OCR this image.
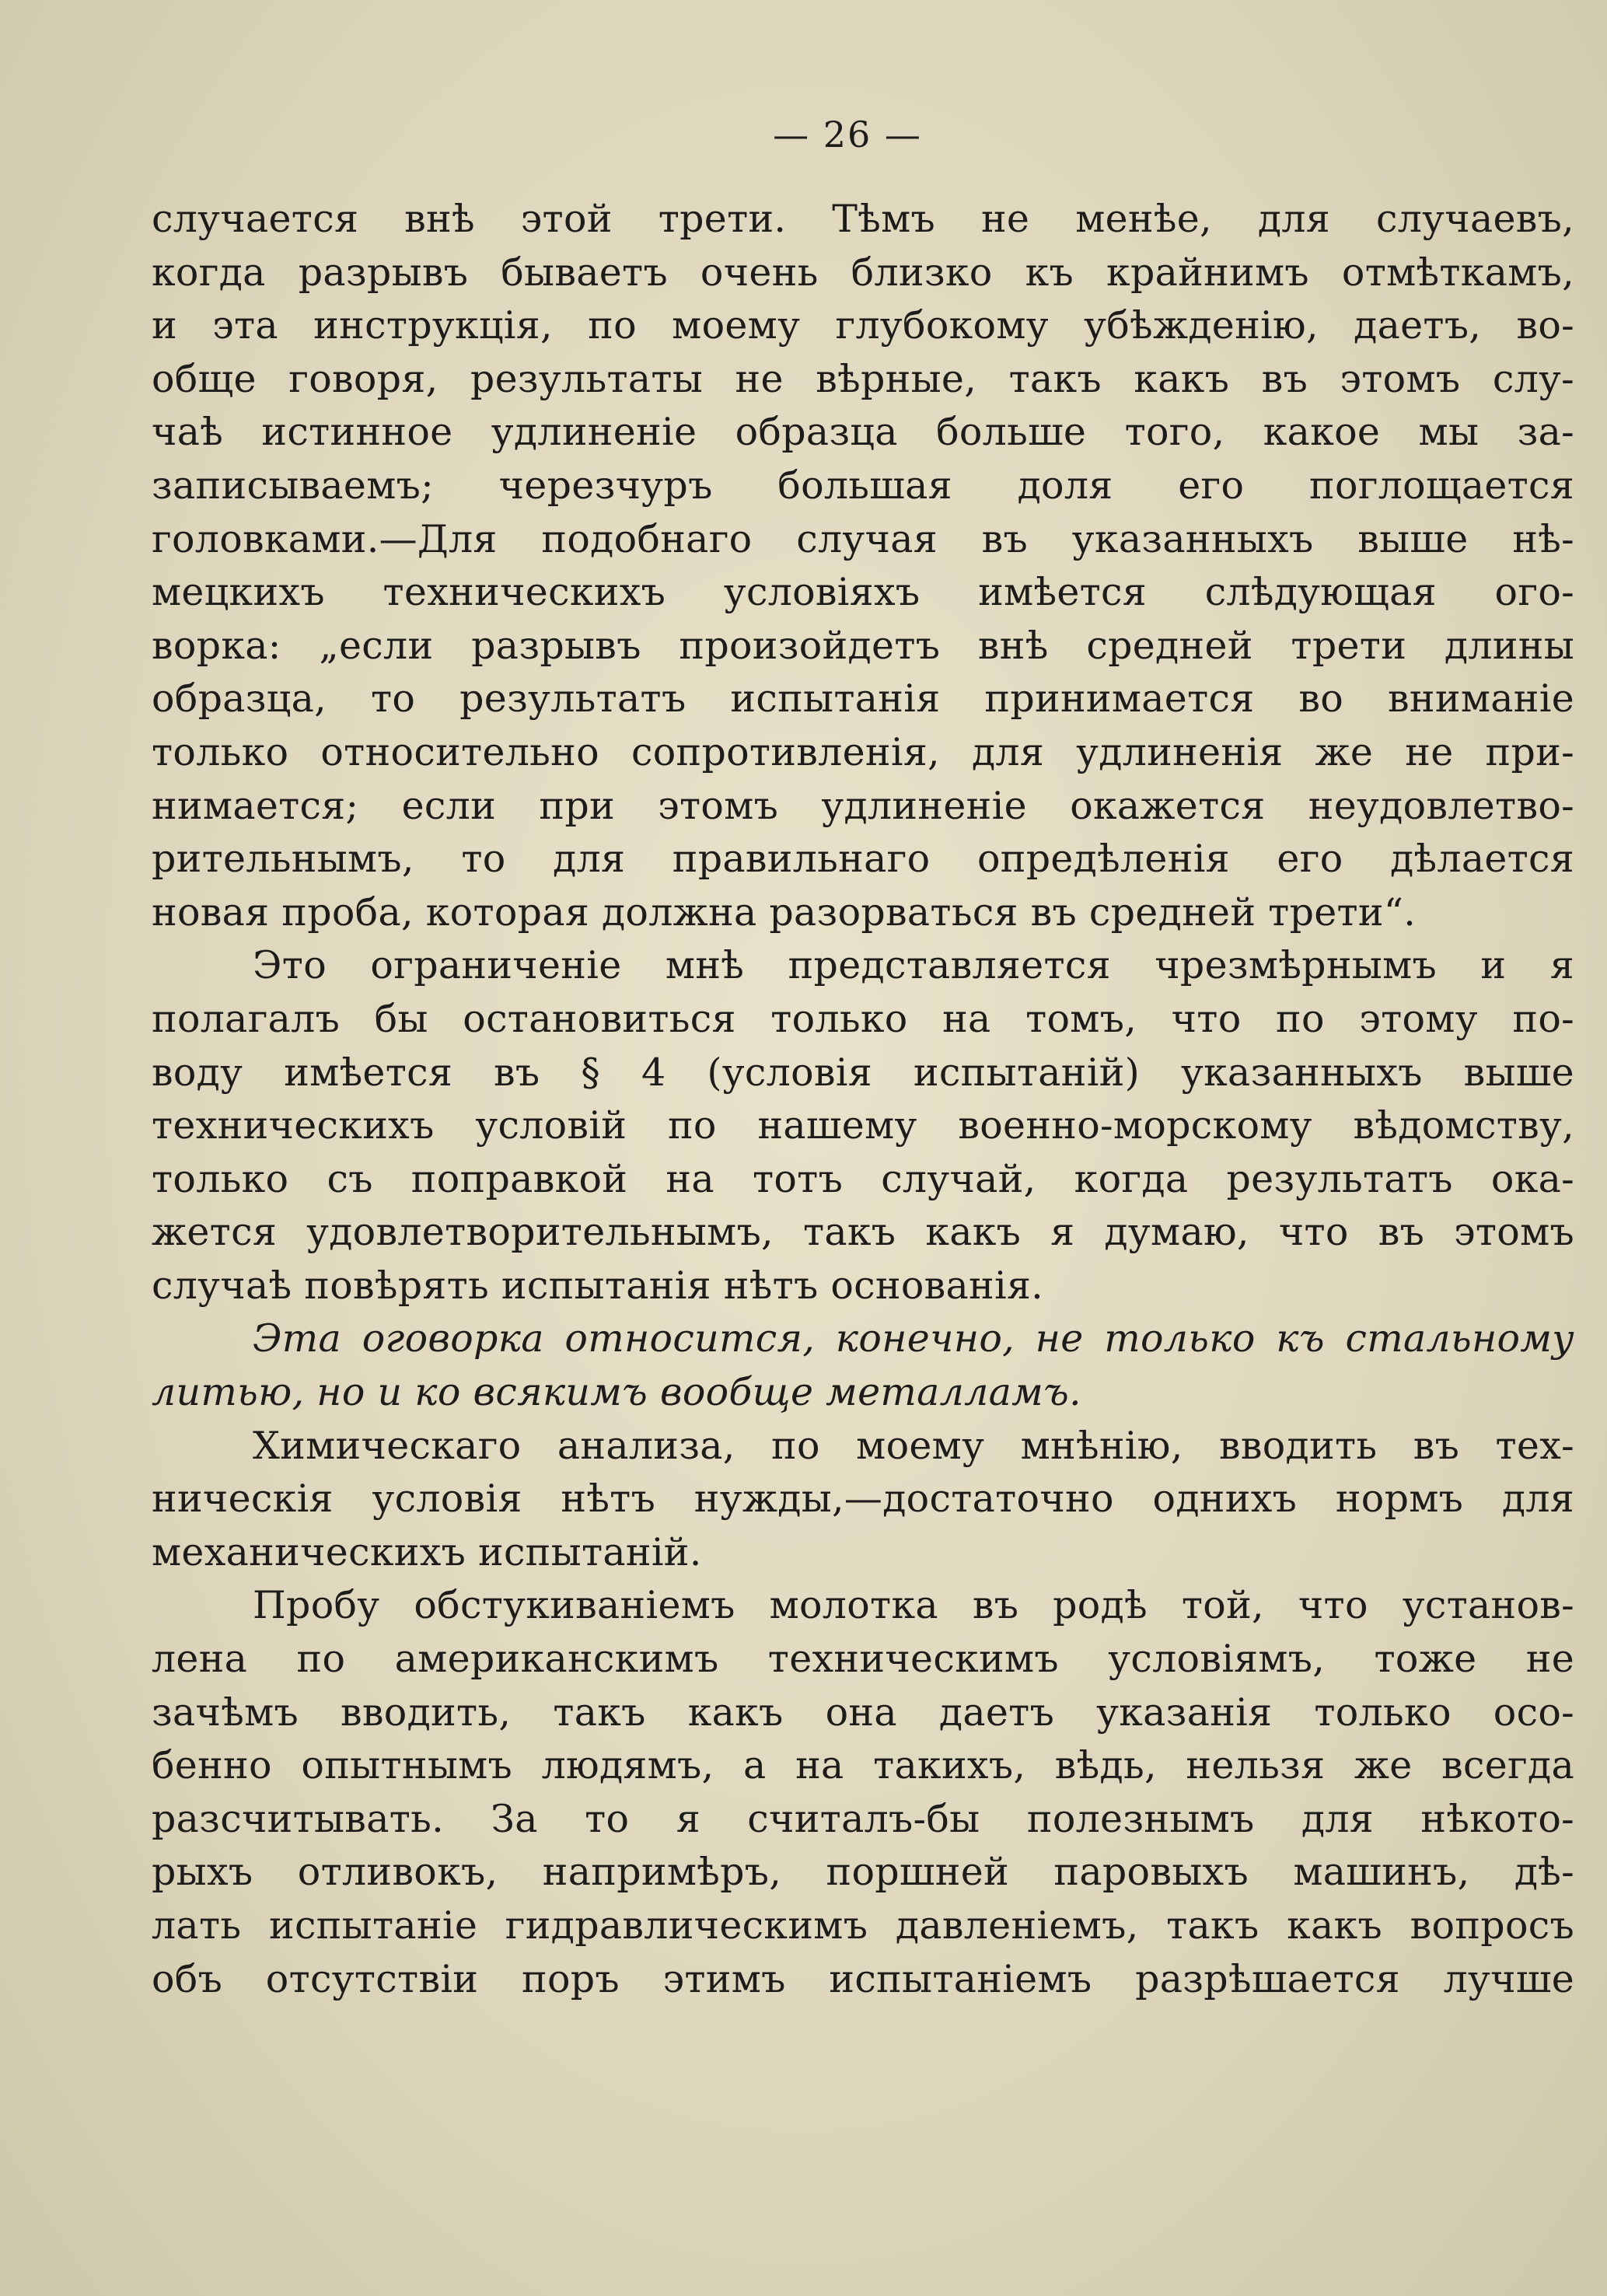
— 26 —
случается внѣ этой трети. Тѣмъ не менѣе, для случаевъ,
когда разрывъ бываетъ очень близко къ крайнимъ отмѣткамъ,
и эта инструкція, по моему глубокому убѣжденію, даетъ, во-
обще говоря, результаты не вѣрные, такъ какъ въ этомъ слу-
чаѣ истинное удлиненіе образца больше того, какое мы за-
записываемъ; черезчуръ большая доля его поглощается
головками.—Для подобнаго случая въ указанныхъ выше нѣ-
мецкихъ техническихъ условіяхъ имѣется слѣдующая ого-
ворка: „если разрывъ произойдетъ внѣ средней трети длины
образца, то результатъ испытанія принимается во вниманіе
только относительно сопротивленія, для удлиненія же не при-
нимается; если при этомъ удлиненіе окажется неудовлетво-
рительнымъ, то для правильнаго опредѣленія его дѣлается
новая проба, которая должна разорваться въ средней трети“.
Это ограниченіе мнѣ представляется чрезмѣрнымъ и я
полагалъ бы остановиться только на томъ, что по этому по-
воду имѣется въ § 4 (условія испытаній) указанныхъ выше
техническихъ условій по нашему военно-морскому вѣдомству,
только съ поправкой на тотъ случай, когда результатъ ока-
жется удовлетворительнымъ, такъ какъ я думаю, что въ этомъ
случаѣ повѣрять испытанія нѣтъ основанія.
Эта оговорка относится, конечно, не только къ стальному
литью, но и ко всякимъ вообще металламъ.
Химическаго анализа, по моему мнѣнію, вводить въ тех-
ническія условія нѣтъ нужды,—достаточно однихъ нормъ для
механическихъ испытаній.
Пробу обстукиваніемъ молотка въ родѣ той, что установ-
лена по американскимъ техническимъ условіямъ, тоже не
зачѣмъ вводить, такъ какъ она даетъ указанія только осо-
бенно опытнымъ людямъ, а на такихъ, вѣдь, нельзя же всегда
разсчитывать. За то я считалъ-бы полезнымъ для нѣкото-
рыхъ отливокъ, напримѣръ, поршней паровыхъ машинъ, дѣ-
лать испытаніе гидравлическимъ давленіемъ, такъ какъ вопросъ
объ отсутствіи поръ этимъ испытаніемъ разрѣшается лучше
